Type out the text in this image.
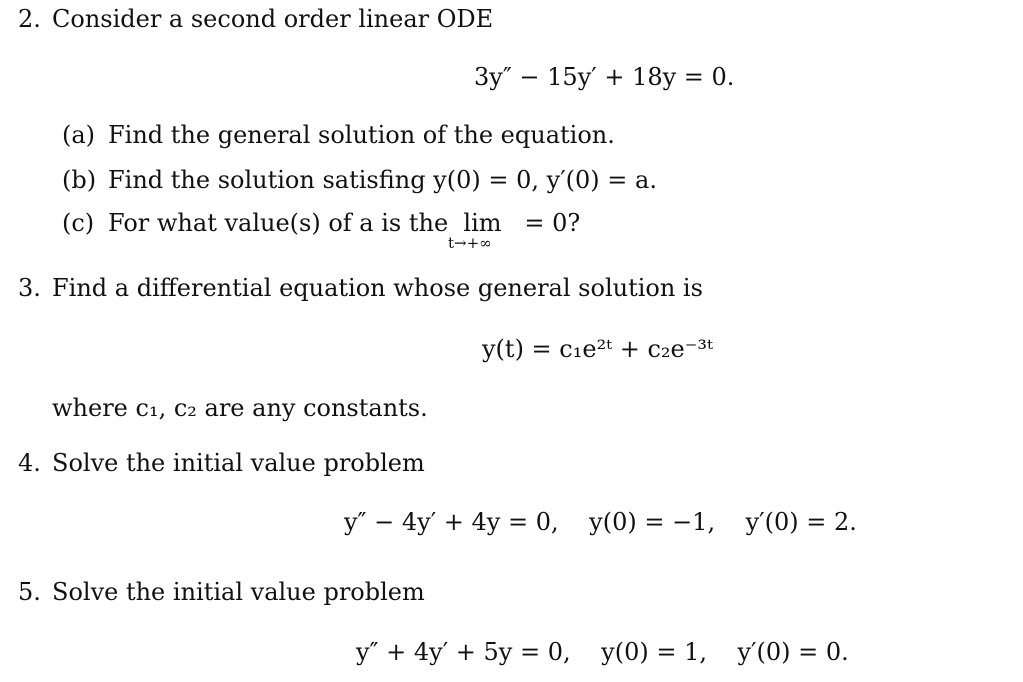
2. Consider a second order linear ODE
3y″ − 15y′ + 18y = 0.
(a) Find the general solution of the equation.
(b) Find the solution satisfing y(0) = 0, y′(0) = a.
(c) For what value(s) of a is the  lim   = 0?
t→+∞
3. Find a differential equation whose general solution is
y(t) = c₁e²ᵗ + c₂e⁻³ᵗ
where c₁, c₂ are any constants.
4. Solve the initial value problem
y″ − 4y′ + 4y = 0,    y(0) = −1,    y′(0) = 2.
5. Solve the initial value problem
y″ + 4y′ + 5y = 0,    y(0) = 1,    y′(0) = 0.
